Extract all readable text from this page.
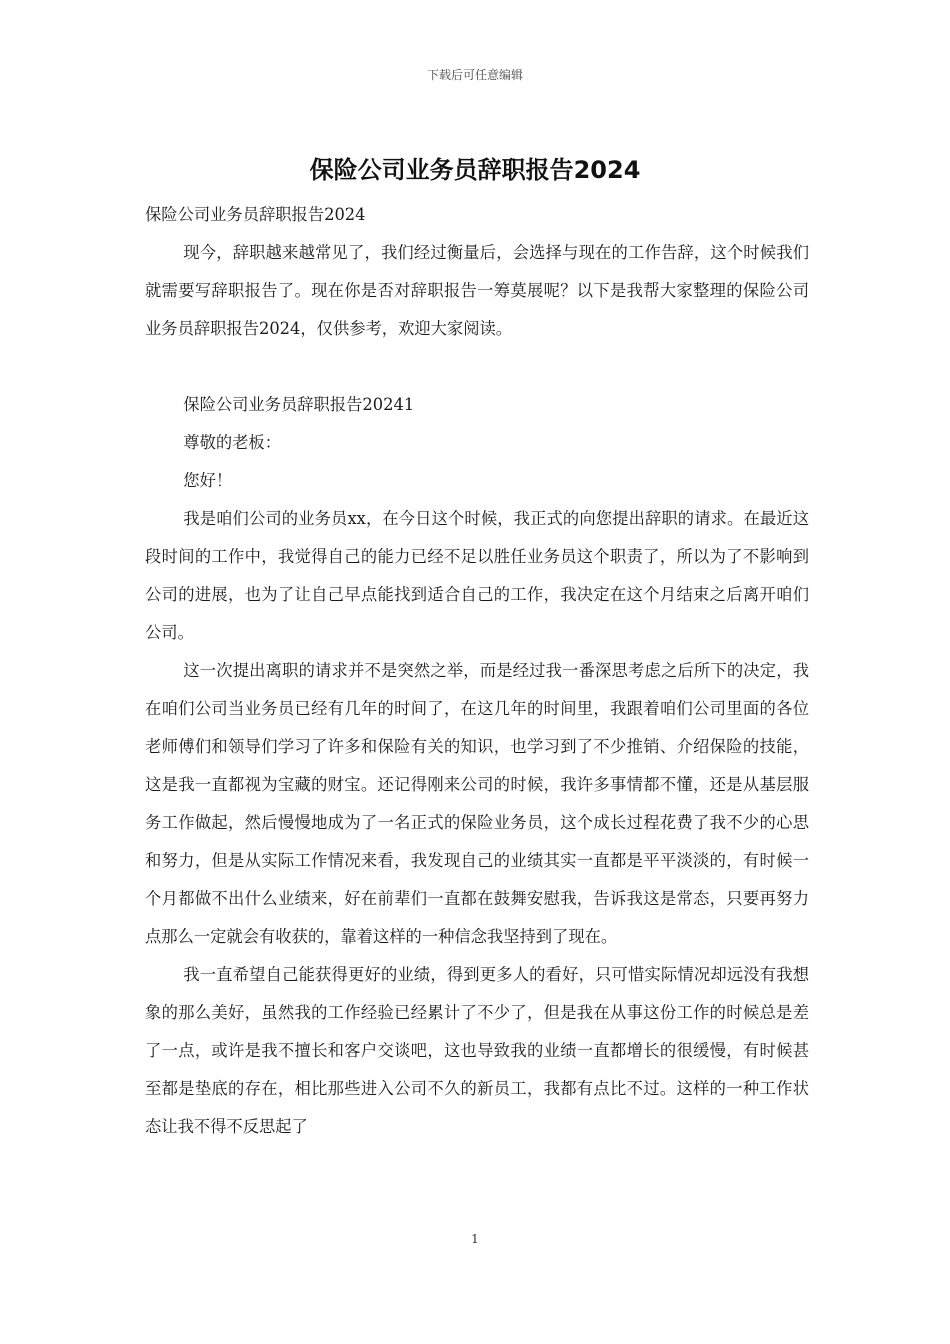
下载后可任意编辑
保险公司业务员辞职报告2024

保险公司业务员辞职报告2024

现今，辞职越来越常见了，我们经过衡量后，会选择与现在的工作告辞，这个时候我们就需要写辞职报告了。现在你是否对辞职报告一筹莫展呢？以下是我帮大家整理的保险公司业务员辞职报告2024，仅供参考，欢迎大家阅读。

保险公司业务员辞职报告20241

尊敬的老板：

您好！

我是咱们公司的业务员xx，在今日这个时候，我正式的向您提出辞职的请求。在最近这段时间的工作中，我觉得自己的能力已经不足以胜任业务员这个职责了，所以为了不影响到公司的进展，也为了让自己早点能找到适合自己的工作，我决定在这个月结束之后离开咱们公司。

这一次提出离职的请求并不是突然之举，而是经过我一番深思考虑之后所下的决定，我在咱们公司当业务员已经有几年的时间了，在这几年的时间里，我跟着咱们公司里面的各位老师傅们和领导们学习了许多和保险有关的知识，也学习到了不少推销、介绍保险的技能，这是我一直都视为宝藏的财宝。还记得刚来公司的时候，我许多事情都不懂，还是从基层服务工作做起，然后慢慢地成为了一名正式的保险业务员，这个成长过程花费了我不少的心思和努力，但是从实际工作情况来看，我发现自己的业绩其实一直都是平平淡淡的，有时候一个月都做不出什么业绩来，好在前辈们一直都在鼓舞安慰我，告诉我这是常态，只要再努力点那么一定就会有收获的，靠着这样的一种信念我坚持到了现在。

我一直希望自己能获得更好的业绩，得到更多人的看好，只可惜实际情况却远没有我想象的那么美好，虽然我的工作经验已经累计了不少了，但是我在从事这份工作的时候总是差了一点，或许是我不擅长和客户交谈吧，这也导致我的业绩一直都增长的很缓慢，有时候甚至都是垫底的存在，相比那些进入公司不久的新员工，我都有点比不过。这样的一种工作状态让我不得不反思起了

1
